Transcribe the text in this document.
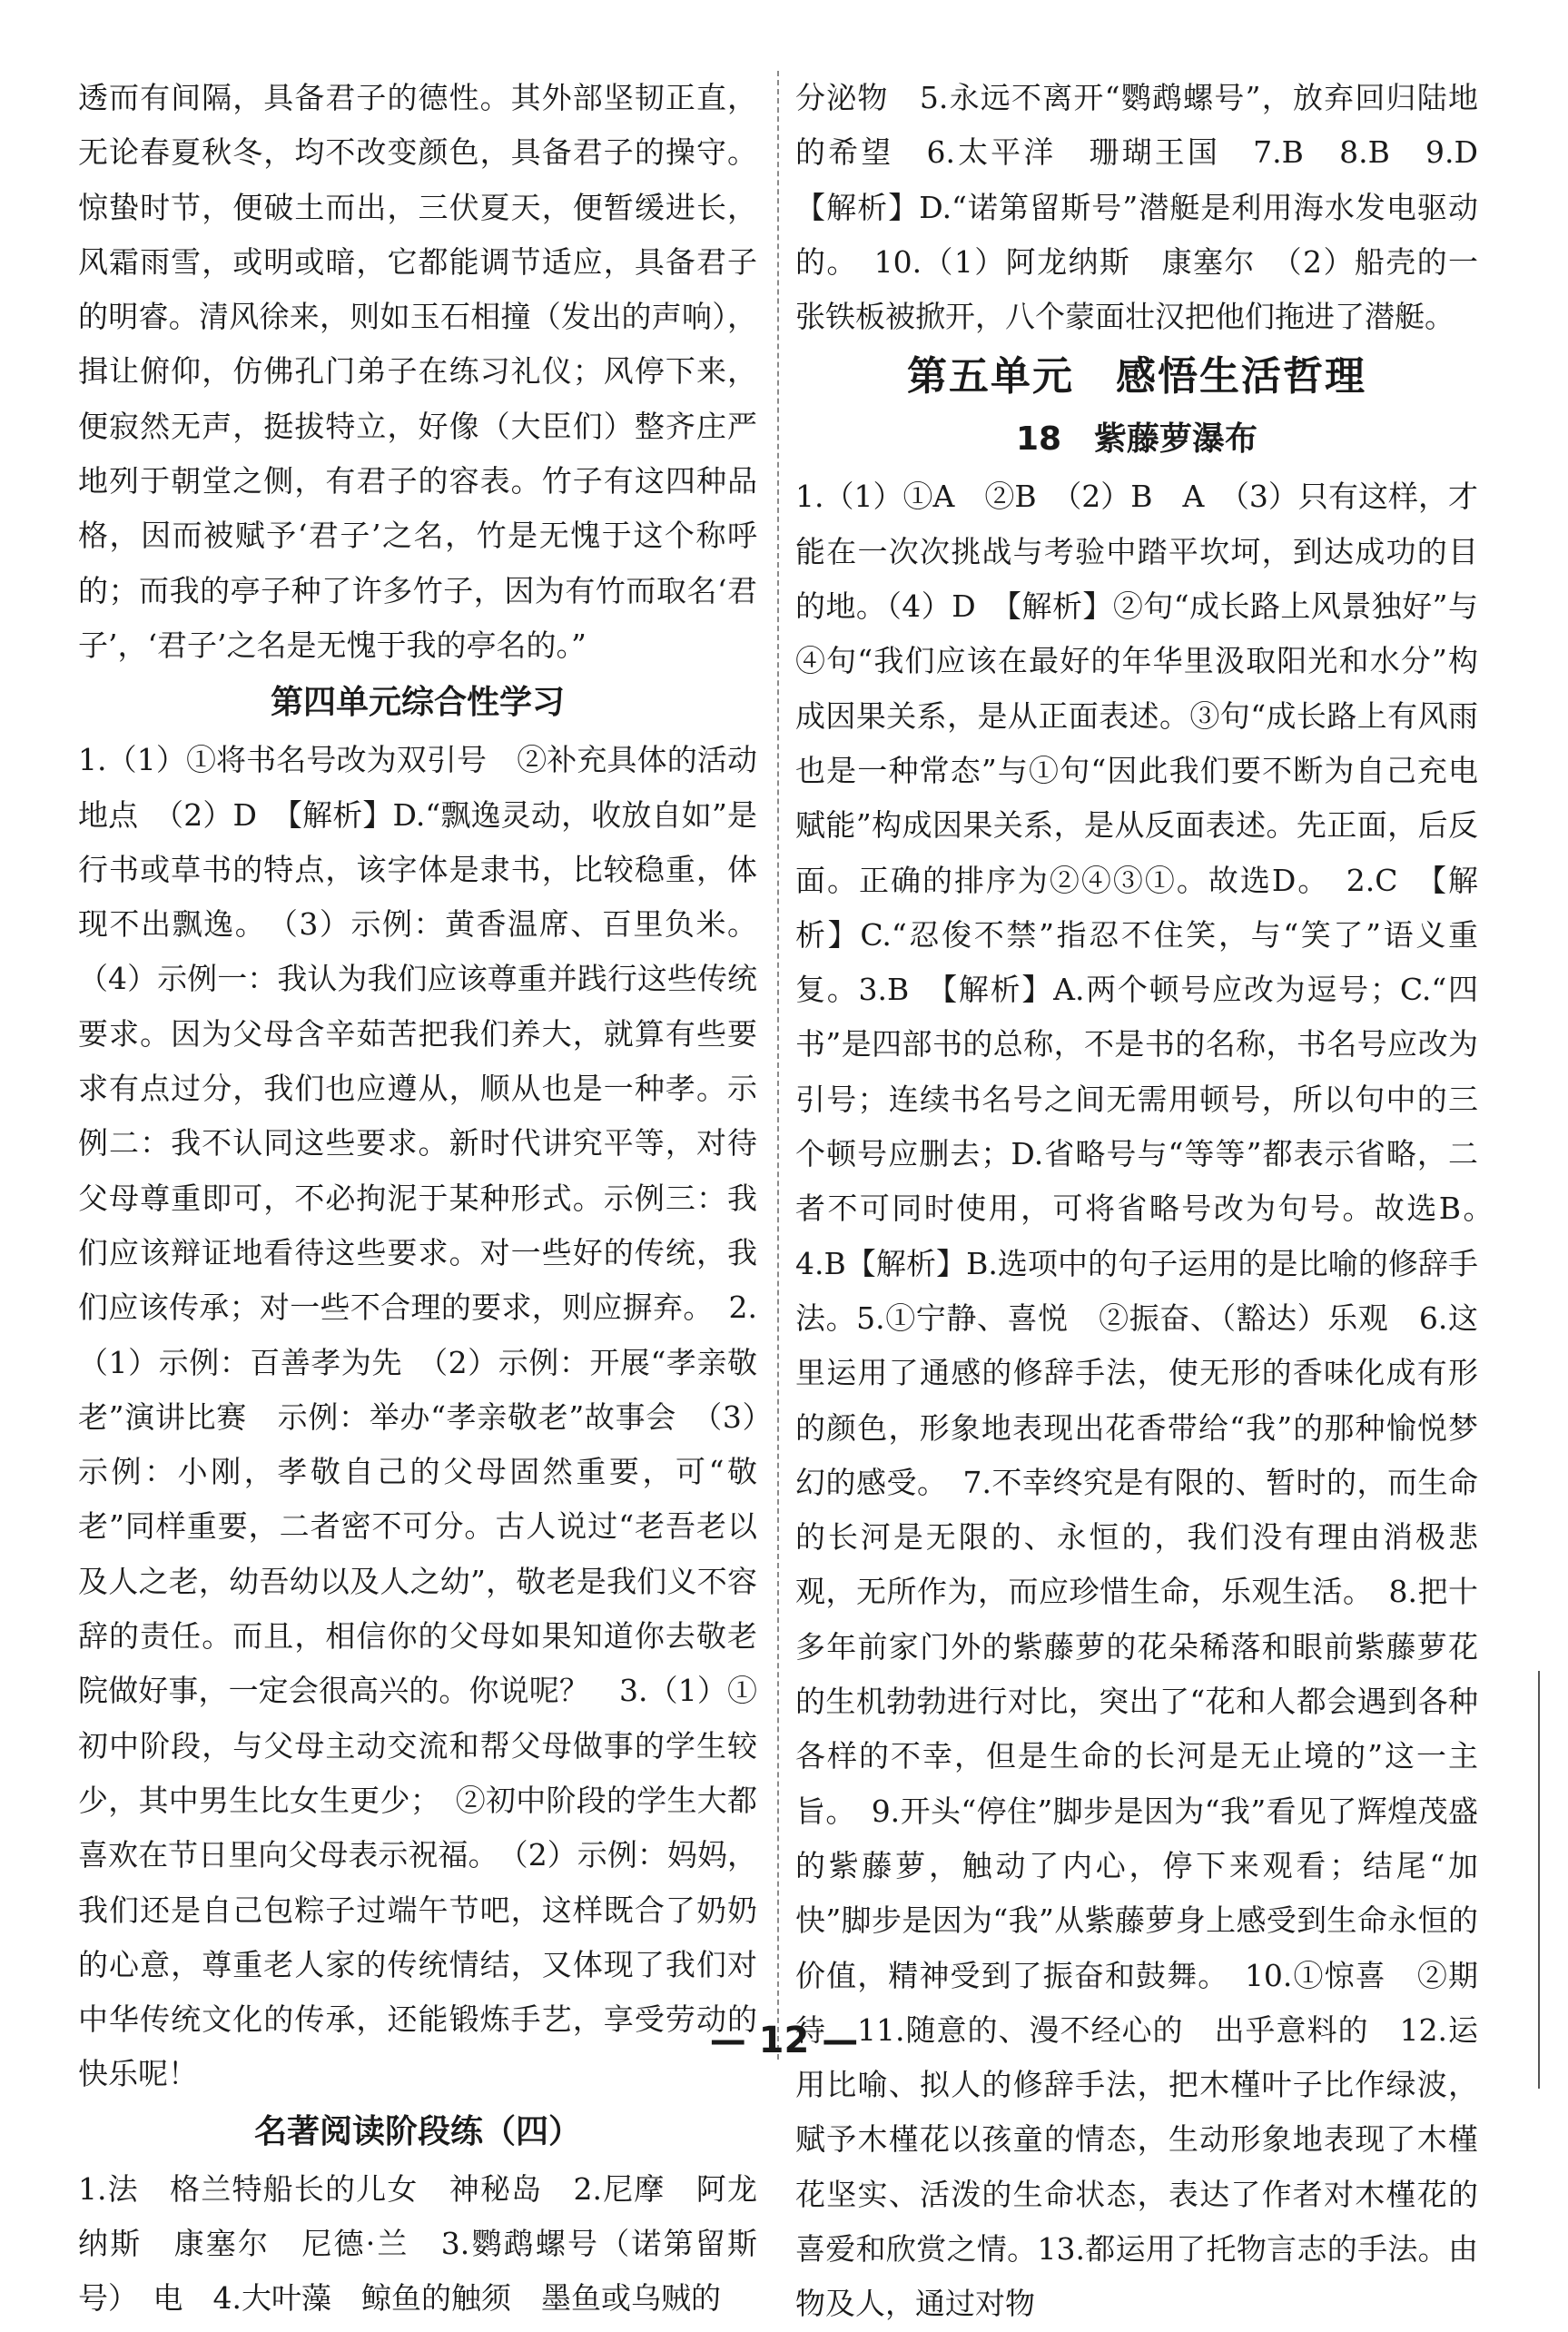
透而有间隔，具备君子的德性。其外部坚韧正直，无论春夏秋冬，均不改变颜色，具备君子的操守。惊蛰时节，便破土而出，三伏夏天，便暂缓进长，风霜雨雪，或明或暗，它都能调节适应，具备君子的明睿。清风徐来，则如玉石相撞（发出的声响），揖让俯仰，仿佛孔门弟子在练习礼仪；风停下来，便寂然无声，挺拔特立，好像（大臣们）整齐庄严地列于朝堂之侧，有君子的容表。竹子有这四种品格，因而被赋予‘君子’之名，竹是无愧于这个称呼的；而我的亭子种了许多竹子，因为有竹而取名‘君子’，‘君子’之名是无愧于我的亭名的。”

第四单元综合性学习

1.（1）①将书名号改为双引号　②补充具体的活动地点　（2）D　【解析】D.“飘逸灵动，收放自如”是行书或草书的特点，该字体是隶书，比较稳重，体现不出飘逸。　（3）示例：黄香温席、百里负米。（4）示例一：我认为我们应该尊重并践行这些传统要求。因为父母含辛茹苦把我们养大，就算有些要求有点过分，我们也应遵从，顺从也是一种孝。示例二：我不认同这些要求。新时代讲究平等，对待父母尊重即可，不必拘泥于某种形式。示例三：我们应该辩证地看待这些要求。对一些好的传统，我们应该传承；对一些不合理的要求，则应摒弃。　2.（1）示例：百善孝为先　（2）示例：开展“孝亲敬老”演讲比赛　示例：举办“孝亲敬老”故事会　（3）示例：小刚，孝敬自己的父母固然重要，可“敬老”同样重要，二者密不可分。古人说过“老吾老以及人之老，幼吾幼以及人之幼”，敬老是我们义不容辞的责任。而且，相信你的父母如果知道你去敬老院做好事，一定会很高兴的。你说呢？　3.（1）①初中阶段，与父母主动交流和帮父母做事的学生较少，其中男生比女生更少；　②初中阶段的学生大都喜欢在节日里向父母表示祝福。　（2）示例：妈妈，我们还是自己包粽子过端午节吧，这样既合了奶奶的心意，尊重老人家的传统情结，又体现了我们对中华传统文化的传承，还能锻炼手艺，享受劳动的快乐呢！

名著阅读阶段练（四）

1.法　格兰特船长的儿女　神秘岛　2.尼摩　阿龙纳斯　康塞尔　尼德·兰　3.鹦鹉螺号（诺第留斯号）　电　4.大叶藻　鲸鱼的触须　墨鱼或乌贼的

分泌物　5.永远不离开“鹦鹉螺号”，放弃回归陆地的希望　6.太平洋　珊瑚王国　7.B　8.B　9.D　【解析】D.“诺第留斯号”潜艇是利用海水发电驱动的。　10.（1）阿龙纳斯　康塞尔　（2）船壳的一张铁板被掀开，八个蒙面壮汉把他们拖进了潜艇。

第五单元　感悟生活哲理
18　紫藤萝瀑布

1.（1）①A　②B　（2）B　A　（3）只有这样，才能在一次次挑战与考验中踏平坎坷，到达成功的目的地。（4）D　【解析】②句“成长路上风景独好”与④句“我们应该在最好的年华里汲取阳光和水分”构成因果关系，是从正面表述。③句“成长路上有风雨也是一种常态”与①句“因此我们要不断为自己充电赋能”构成因果关系，是从反面表述。先正面，后反面。正确的排序为②④③①。故选D。　2.C　【解析】C.“忍俊不禁”指忍不住笑，与“笑了”语义重复。3.B　【解析】A.两个顿号应改为逗号；C.“四书”是四部书的总称，不是书的名称，书名号应改为引号；连续书名号之间无需用顿号，所以句中的三个顿号应删去；D.省略号与“等等”都表示省略，二者不可同时使用，可将省略号改为句号。故选B。　4.B【解析】B.选项中的句子运用的是比喻的修辞手法。5.①宁静、喜悦　②振奋、（豁达）乐观　6.这里运用了通感的修辞手法，使无形的香味化成有形的颜色，形象地表现出花香带给“我”的那种愉悦梦幻的感受。　7.不幸终究是有限的、暂时的，而生命的长河是无限的、永恒的，我们没有理由消极悲观，无所作为，而应珍惜生命，乐观生活。　8.把十多年前家门外的紫藤萝的花朵稀落和眼前紫藤萝花的生机勃勃进行对比，突出了“花和人都会遇到各种各样的不幸，但是生命的长河是无止境的”这一主旨。　9.开头“停住”脚步是因为“我”看见了辉煌茂盛的紫藤萝，触动了内心，停下来观看；结尾“加快”脚步是因为“我”从紫藤萝身上感受到生命永恒的价值，精神受到了振奋和鼓舞。　10.①惊喜　②期待　11.随意的、漫不经心的　出乎意料的　12.运用比喻、拟人的修辞手法，把木槿叶子比作绿波，赋予木槿花以孩童的情态，生动形象地表现了木槿花坚实、活泼的生命状态，表达了作者对木槿花的喜爱和欣赏之情。13.都运用了托物言志的手法。由物及人，通过对物

— 12 —
